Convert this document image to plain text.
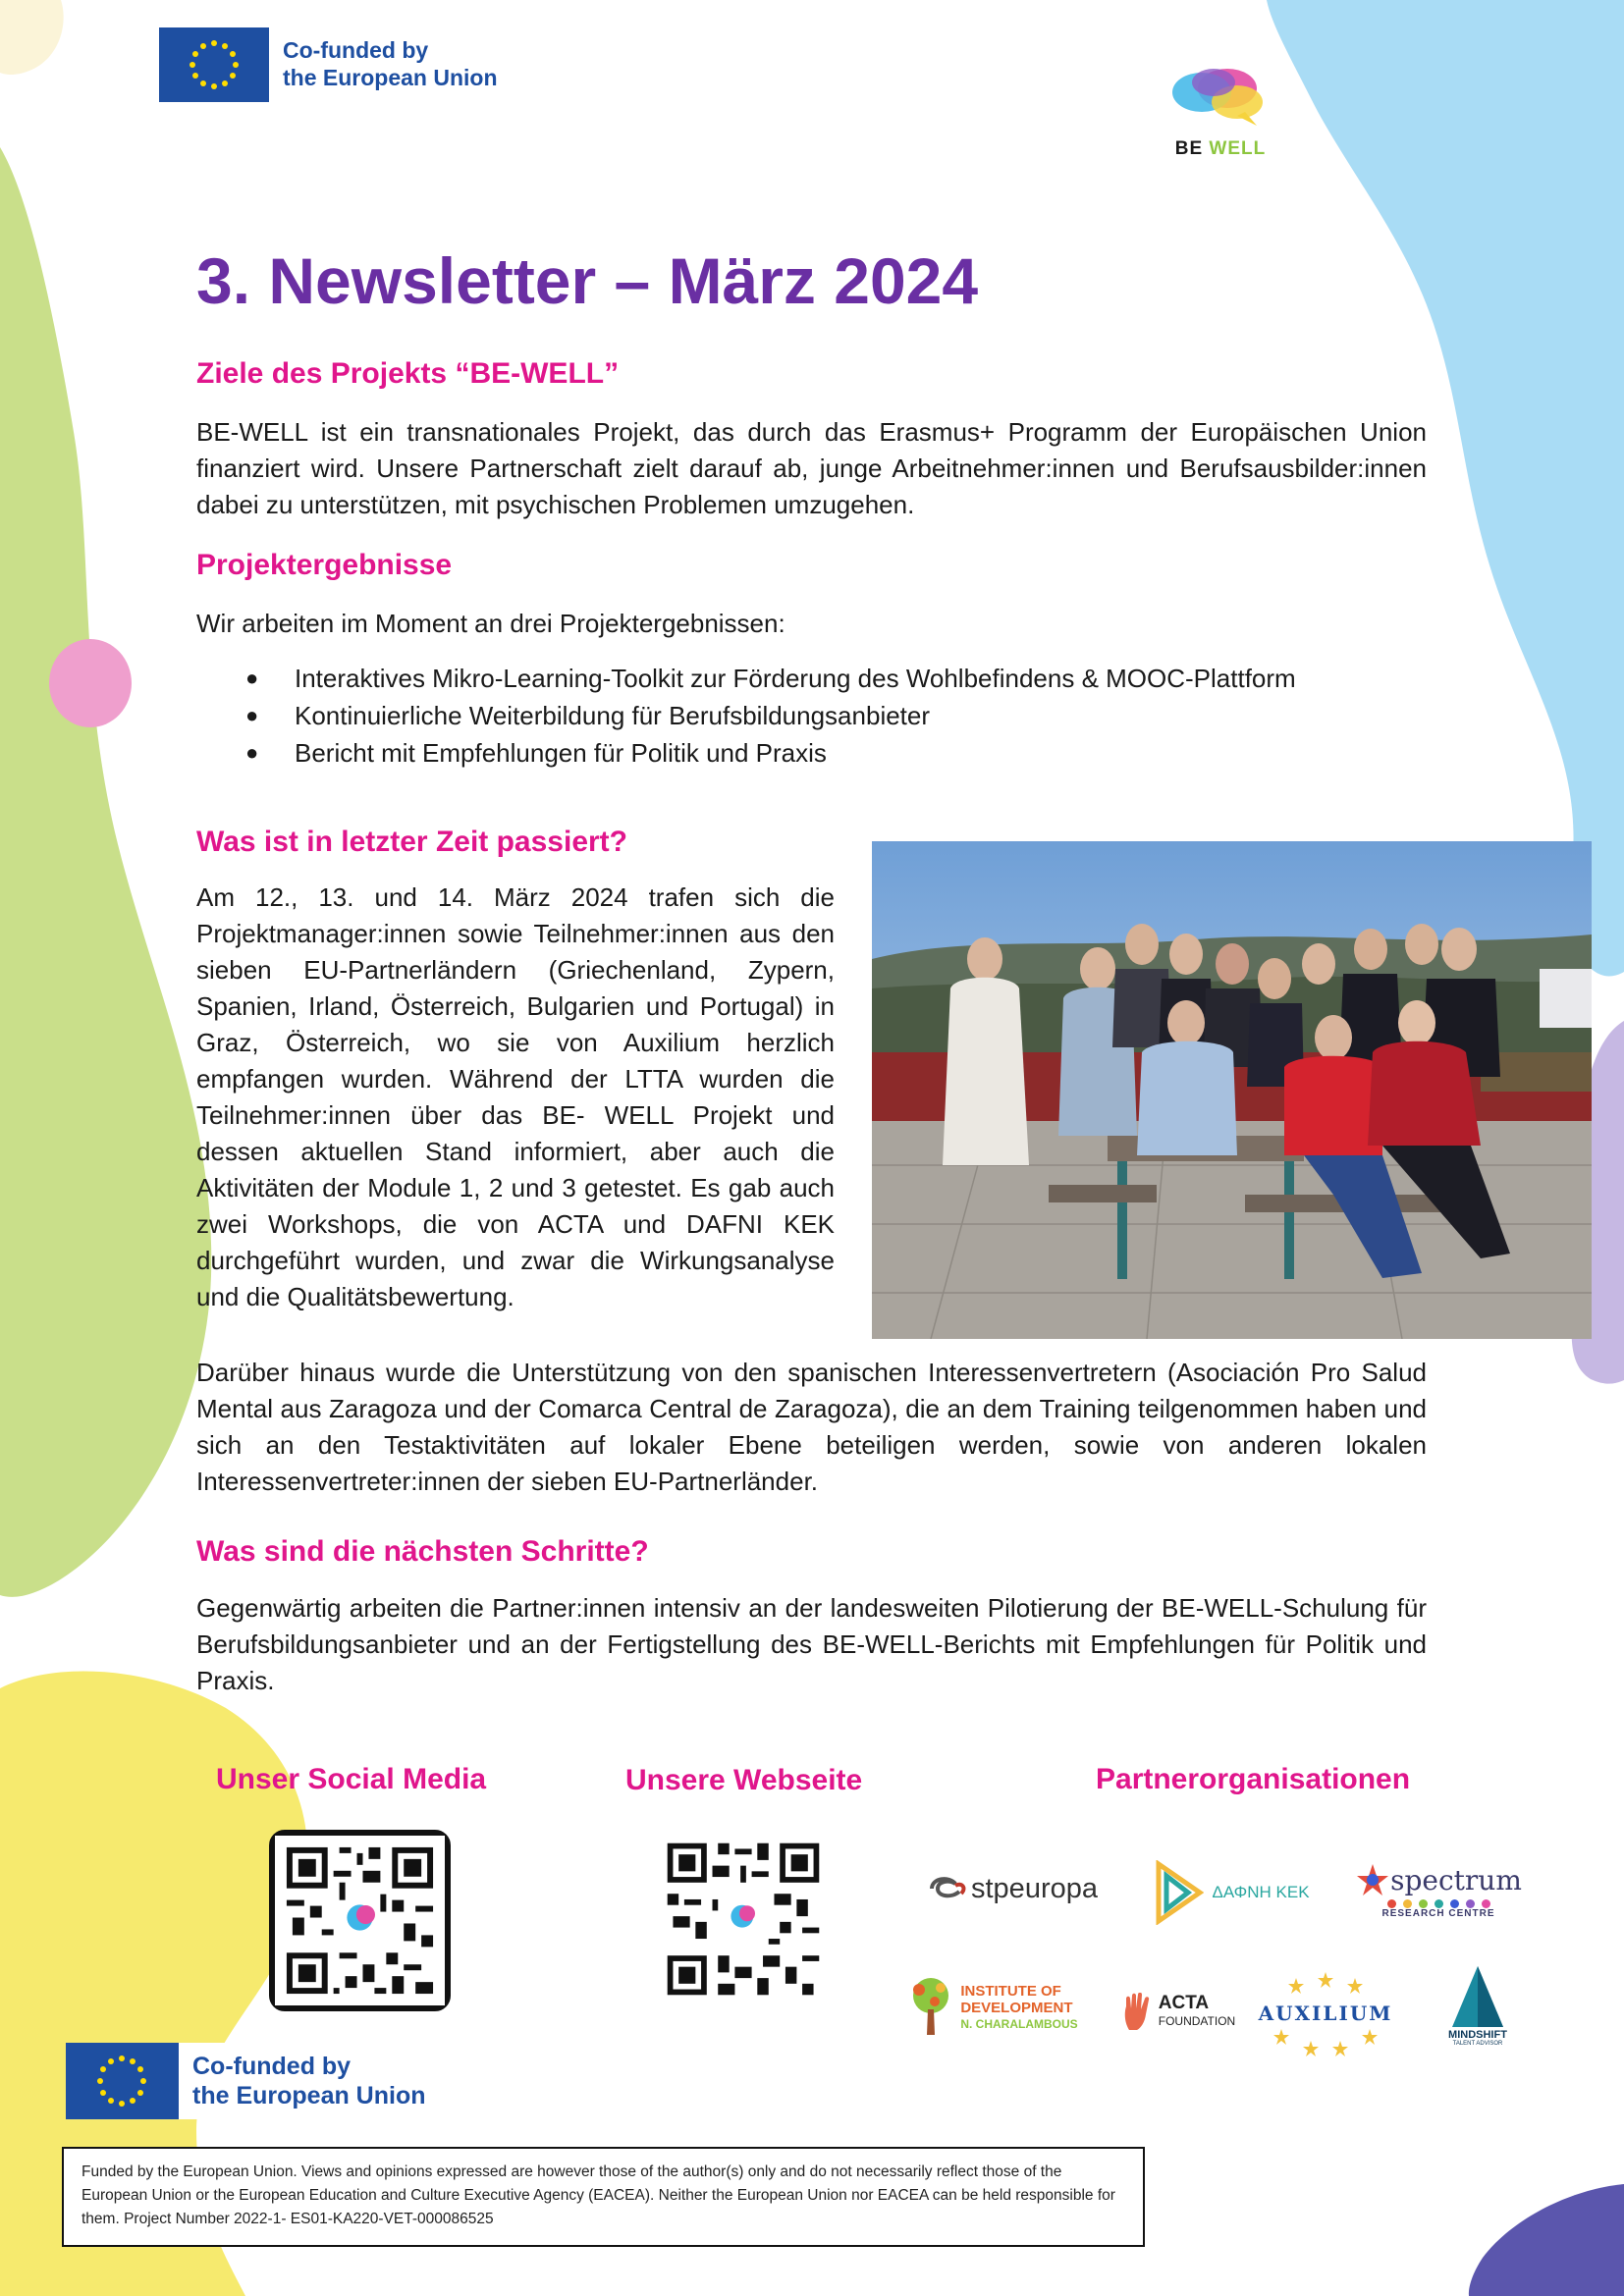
Co-funded by
the European Union
BE WELL
3. Newsletter – März 2024
Ziele des Projekts “BE-WELL”
BE-WELL ist ein transnationales Projekt, das durch das Erasmus+ Programm der Europäischen Union finanziert wird. Unsere Partnerschaft zielt darauf ab, junge Arbeitnehmer:innen und Berufsausbilder:innen dabei zu unterstützen, mit psychischen Problemen umzugehen.
Projektergebnisse
Wir arbeiten im Moment an drei Projektergebnissen:
● Interaktives Mikro-Learning-Toolkit zur Förderung des Wohlbefindens & MOOC-Plattform
● Kontinuierliche Weiterbildung für Berufsbildungsanbieter
● Bericht mit Empfehlungen für Politik und Praxis
Was ist in letzter Zeit passiert?
Am 12., 13. und 14. März 2024 trafen sich die Projektmanager:innen sowie Teilnehmer:innen aus den sieben EU-Partnerländern (Griechenland, Zypern, Spanien, Irland, Österreich, Bulgarien und Portugal) in Graz, Österreich, wo sie von Auxilium herzlich empfangen wurden. Während der LTTA wurden die Teilnehmer:innen über das BE- WELL Projekt und dessen aktuellen Stand informiert, aber auch die Aktivitäten der Module 1, 2 und 3 getestet. Es gab auch zwei Workshops, die von ACTA und DAFNI KEK durchgeführt wurden, und zwar die Wirkungsanalyse und die Qualitätsbewertung.
Darüber hinaus wurde die Unterstützung von den spanischen Interessenvertretern (Asociación Pro Salud Mental aus Zaragoza und der Comarca Central de Zaragoza), die an dem Training teilgenommen haben und sich an den Testaktivitäten auf lokaler Ebene beteiligen werden, sowie von anderen lokalen Interessenvertreter:innen der sieben EU-Partnerländer.
Was sind die nächsten Schritte?
Gegenwärtig arbeiten die Partner:innen intensiv an der landesweiten Pilotierung der BE-WELL-Schulung für Berufsbildungsanbieter und an der Fertigstellung des BE-WELL-Berichts mit Empfehlungen für Politik und Praxis.
Unser Social Media	Unsere Webseite	Partnerorganisationen
stpeuropa	ΔΑΦΝΗ ΚΕΚ	spectrum
RESEARCH CENTRE
INSTITUTE OF
DEVELOPMENT
N. CHARALAMBOUS
ACTA
FOUNDATION	AUXILIUM
MINDSHIFT
TALENT ADVISOR
Co-funded by
the European Union
Funded by the European Union. Views and opinions expressed are however those of the author(s) only and do not necessarily reflect those of the European Union or the European Education and Culture Executive Agency (EACEA). Neither the European Union nor EACEA can be held responsible for them. Project Number 2022-1- ES01-KA220-VET-000086525
